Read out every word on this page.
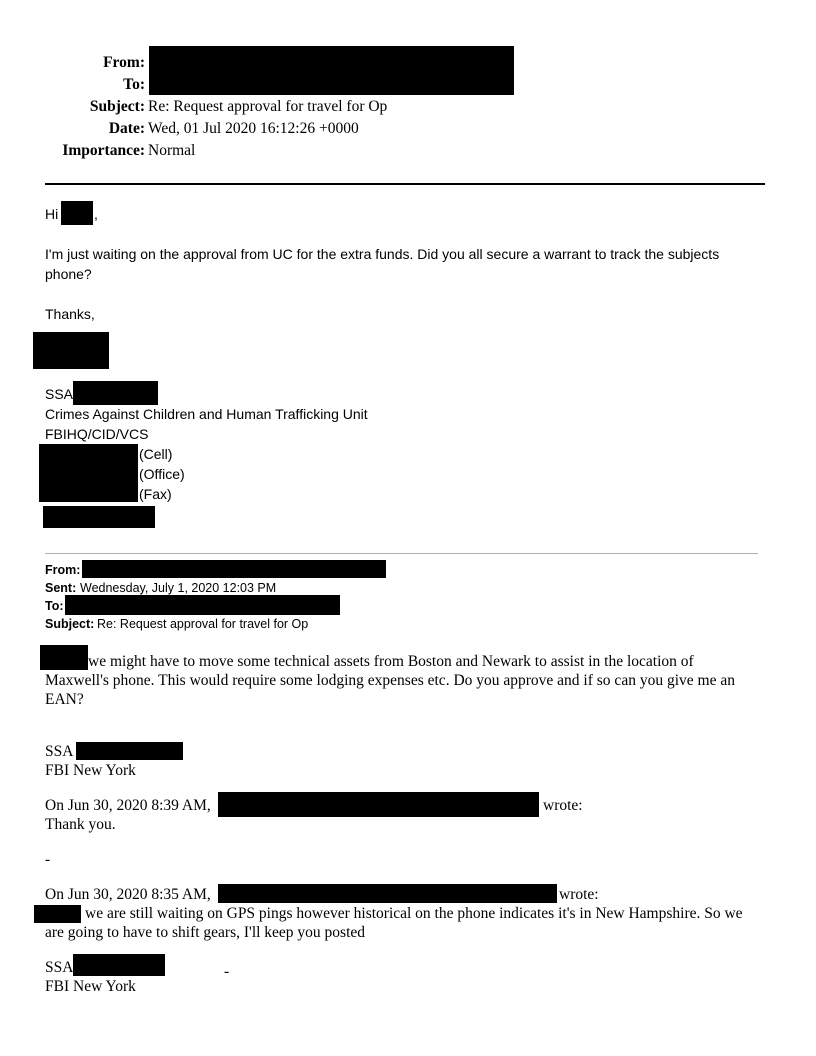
From:
To:
Subject: Re: Request approval for travel for Op
Date: Wed, 01 Jul 2020 16:12:26 +0000
Importance: Normal
Hi	,
I'm just waiting on the approval from UC for the extra funds. Did you all secure a warrant to track the subjects phone?
Thanks,
SSA
Crimes Against Children and Human Trafficking Unit
FBIHQ/CID/VCS
(Cell)
(Office)
(Fax)
From:
Sent: Wednesday, July 1, 2020 12:03 PM
To:
Subject: Re: Request approval for travel for Op
we might have to move some technical assets from Boston and Newark to assist in the location of
Maxwell's phone. This would require some lodging expenses etc. Do you approve and if so can you give me an
EAN?
SSA
FBI New York
On Jun 30, 2020 8:39 AM,	wrote:
Thank you.
-
On Jun 30, 2020 8:35 AM,	wrote:
we are still waiting on GPS pings however historical on the phone indicates it's in New Hampshire. So we
are going to have to shift gears, I'll keep you posted
SSA	-
FBI New York
